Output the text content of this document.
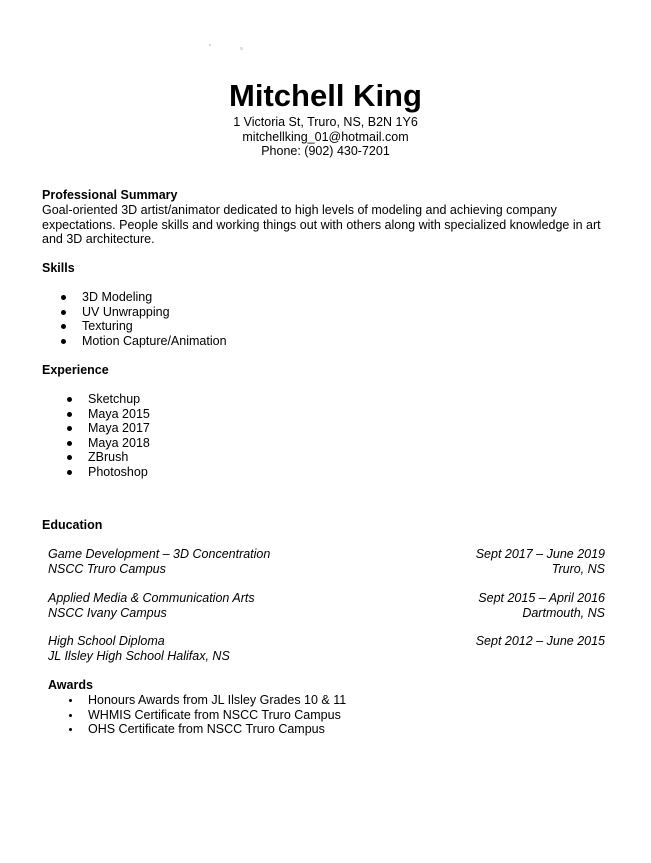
Mitchell King
1 Victoria St, Truro, NS, B2N 1Y6
mitchellking_01@hotmail.com
Phone: (902) 430-7201
Professional Summary
Goal-oriented 3D artist/animator dedicated to high levels of modeling and achieving company expectations. People skills and working things out with others along with specialized knowledge in art and 3D architecture.
Skills
3D Modeling
UV Unwrapping
Texturing
Motion Capture/Animation
Experience
Sketchup
Maya 2015
Maya 2017
Maya 2018
ZBrush
Photoshop
Education
Game Development – 3D Concentration	Sept 2017 – June 2019
NSCC Truro Campus	Truro, NS
Applied Media & Communication Arts	Sept 2015 – April 2016
NSCC Ivany Campus	Dartmouth, NS
High School Diploma	Sept 2012 – June 2015
JL Ilsley High School Halifax, NS
Awards
Honours Awards from JL Ilsley Grades 10 & 11
WHMIS Certificate from NSCC Truro Campus
OHS Certificate from NSCC Truro Campus
